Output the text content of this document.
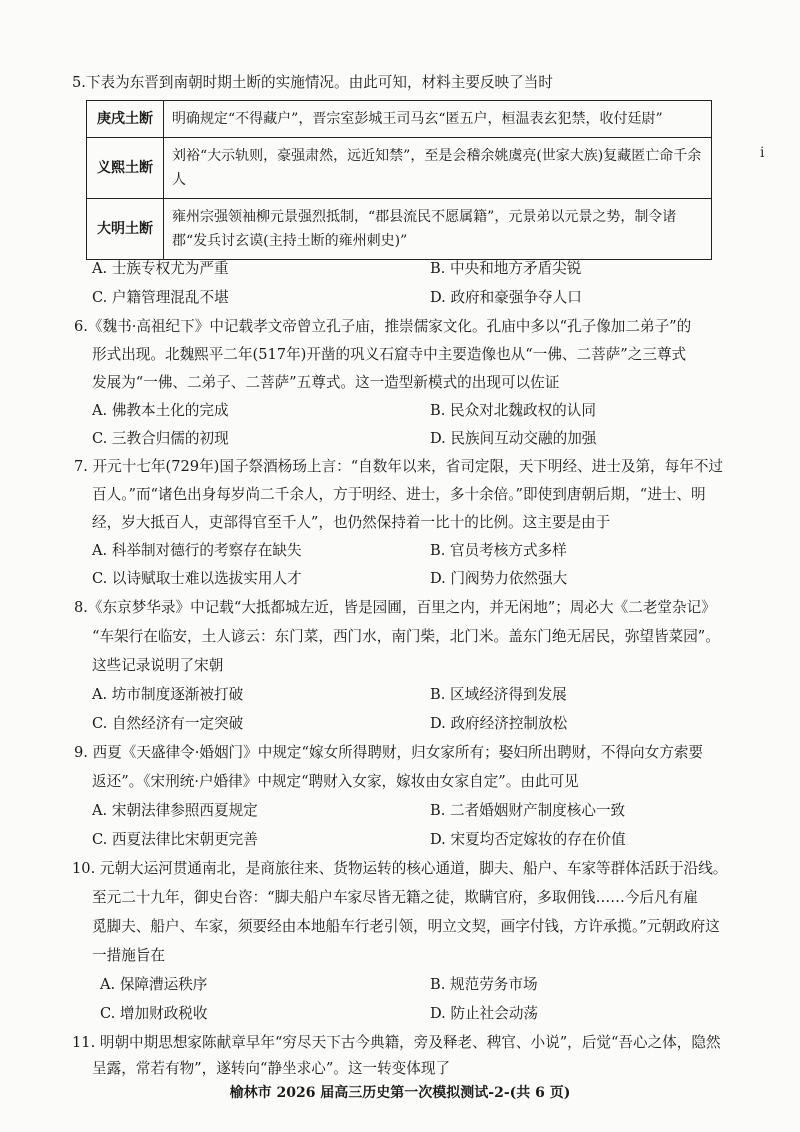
i
5.下表为东晋到南朝时期土断的实施情况。由此可知，材料主要反映了当时
庚戌土断	明确规定“不得藏户”，晋宗室彭城王司马玄“匿五户，桓温表玄犯禁，收付廷尉”
义熙土断	刘裕“大示轨则，豪强肃然，远近知禁”，至是会稽余姚虞亮(世家大族)复藏匿亡命千余人
大明土断	雍州宗强领袖柳元景强烈抵制，“郡县流民不愿属籍”，元景弟以元景之势，制令诸郡“发兵讨玄谟(主持土断的雍州刺史)”
A. 士族专权尤为严重	B. 中央和地方矛盾尖锐
C. 户籍管理混乱不堪	D. 政府和豪强争夺人口
6.《魏书·高祖纪下》中记载孝文帝曾立孔子庙，推崇儒家文化。孔庙中多以“孔子像加二弟子”的
形式出现。北魏熙平二年(517年)开凿的巩义石窟寺中主要造像也从“一佛、二菩萨”之三尊式
发展为“一佛、二弟子、二菩萨”五尊式。这一造型新模式的出现可以佐证
A. 佛教本土化的完成	B. 民众对北魏政权的认同
C. 三教合归儒的初现	D. 民族间互动交融的加强
7. 开元十七年(729年)国子祭酒杨玚上言：“自数年以来，省司定限，天下明经、进士及第，每年不过
百人。”而“诸色出身每岁尚二千余人，方于明经、进士，多十余倍。”即使到唐朝后期，“进士、明
经，岁大抵百人，吏部得官至千人”，也仍然保持着一比十的比例。这主要是由于
A. 科举制对德行的考察存在缺失	B. 官员考核方式多样
C. 以诗赋取士难以选拔实用人才	D. 门阀势力依然强大
8.《东京梦华录》中记载“大抵都城左近，皆是园圃，百里之内，并无闲地”；周必大《二老堂杂记》
“车架行在临安，土人谚云：东门菜，西门水，南门柴，北门米。盖东门绝无居民，弥望皆菜园”。
这些记录说明了宋朝
A. 坊市制度逐渐被打破	B. 区域经济得到发展
C. 自然经济有一定突破	D. 政府经济控制放松
9. 西夏《天盛律令·婚姻门》中规定“嫁女所得聘财，归女家所有；娶妇所出聘财，不得向女方索要
返还”。《宋刑统·户婚律》中规定“聘财入女家，嫁妆由女家自定”。由此可见
A. 宋朝法律参照西夏规定	B. 二者婚姻财产制度核心一致
C. 西夏法律比宋朝更完善	D. 宋夏均否定嫁妆的存在价值
10. 元朝大运河贯通南北，是商旅往来、货物运转的核心通道，脚夫、船户、车家等群体活跃于沿线。
至元二十九年，御史台咨：“脚夫船户车家尽皆无籍之徒，欺瞒官府，多取佣钱……今后凡有雇
觅脚夫、船户、车家，须要经由本地船车行老引领，明立文契，画字付钱，方许承揽。”元朝政府这
一措施旨在
A. 保障漕运秩序	B. 规范劳务市场
C. 增加财政税收	D. 防止社会动荡
11. 明朝中期思想家陈献章早年“穷尽天下古今典籍，旁及释老、稗官、小说”，后觉“吾心之体，隐然
呈露，常若有物”，遂转向“静坐求心”。这一转变体现了
榆林市 2026 届高三历史第一次模拟测试-2-(共 6 页)
